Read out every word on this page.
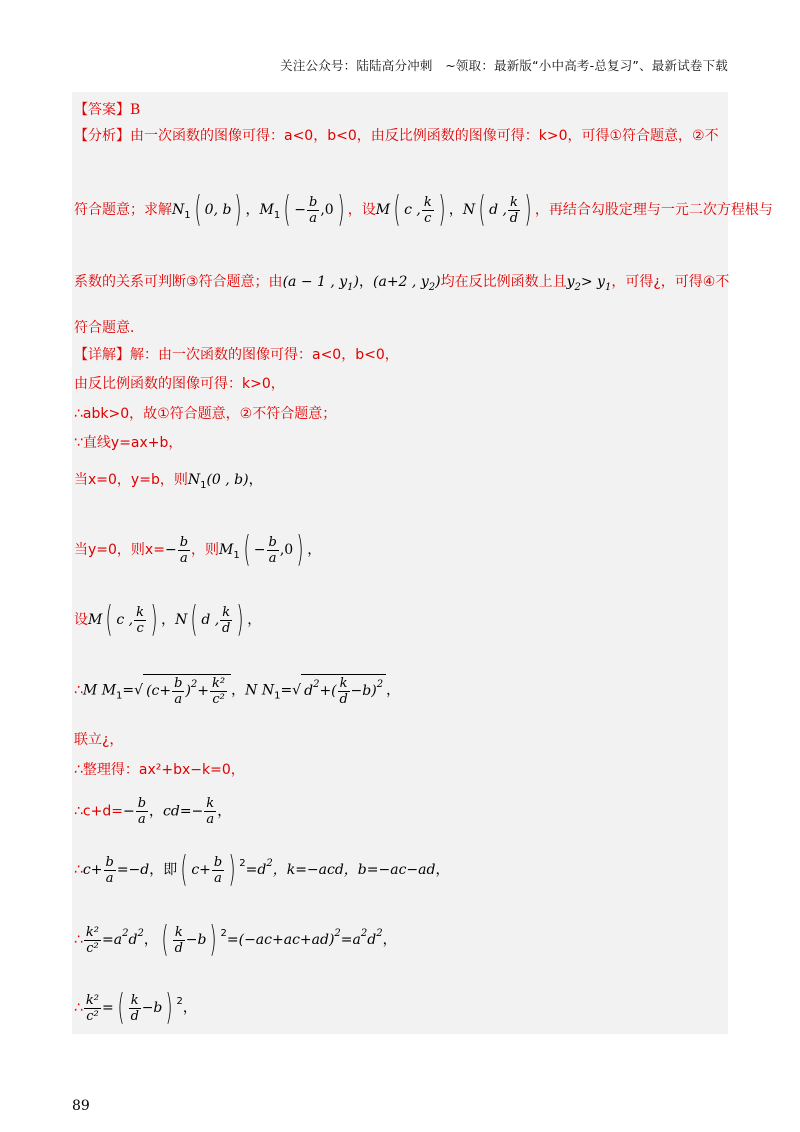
关注公众号：陆陆高分冲刺　~领取：最新版“小中高考-总复习”、最新试卷下载
【答案】B
【分析】由一次函数的图像可得：a<0，b<0，由反比例函数的图像可得：k>0，可得①符合题意，②不
符合题意；求解$N_1$( 0, b) ，$M_1( - \frac{b}{a} ,0)$ ，设M( c , $\frac{k}{c}$ ) ，N( d , $\frac{k}{d}$ ) ，再结合勾股定理与一元二次方程根与
系数的关系可判断③符合题意；由(a − 1 , $y_1$)，(a+2 , $y_2$)均在反比例函数上且$y_2> y_1$，可得¿，可得④不
符合题意．
【详解】解：由一次函数的图像可得：a<0，b<0，
由反比例函数的图像可得：k>0，
∴abk>0，故①符合题意，②不符合题意；
∵直线y=ax+b，
当x=0，y=b，则$N_1(0$ , b)，
当y=0，则$x=- \frac{b}{a}$ ，则$M_1( - \frac{b}{a} ,0)$ ，
设M( c , $\frac{k}{c}$ ) ，N( d , $\frac{k}{d}$ ) ，
∴M $M_1=√$ $(c+ \frac{b}{a} )^2+ \frac{\text{k²}}{\text{c²}}$ ，N $N_1=√$ $d^2+( \frac{k}{d} -b)^2$ ，
联立¿，
∴整理得：ax²+bx−k=0，
∴c+d=− $\frac{b}{a}$ ，$cd=- \frac{k}{a}$ ，
∴c+ $\frac{b}{a} =-d$，即( $c+ \frac{b}{a}$ ) $^2=d^2$，k=−acd，b=−ac−ad，
∴ $\frac{\text{k²}}{\text{c²}} =a^2d^2$，( $\frac{k}{d} -b$) $^2=(-ac+ac+ad)^2=a^2d^2$，
∴ $\frac{\text{k²}}{\text{c²}}$ =( $\frac{k}{d} -b$) $^2$，
89
